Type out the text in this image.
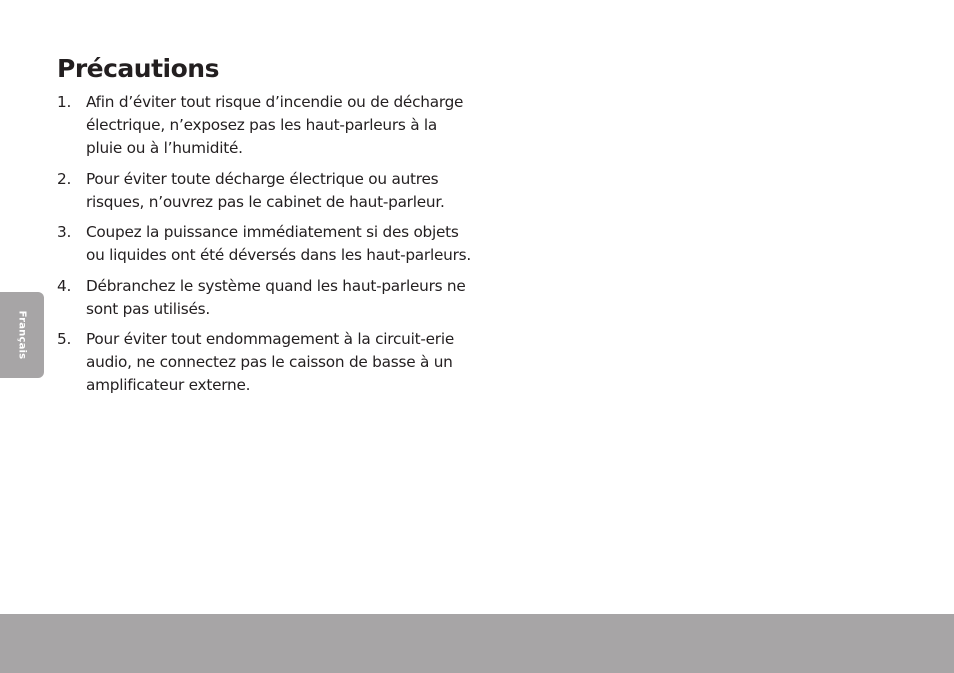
Précautions
1. Afin d’éviter tout risque d’incendie ou de décharge électrique, n’exposez pas les haut-parleurs à la pluie ou à l’humidité.
2. Pour éviter toute décharge électrique ou autres risques, n’ouvrez pas le cabinet de haut-parleur.
3. Coupez la puissance immédiatement si des objets ou liquides ont été déversés dans les haut-parleurs.
4. Débranchez le système quand les haut-parleurs ne sont pas utilisés.
5. Pour éviter tout endommagement à la circuit-erie audio, ne connectez pas le caisson de basse à un amplificateur externe.
Français
